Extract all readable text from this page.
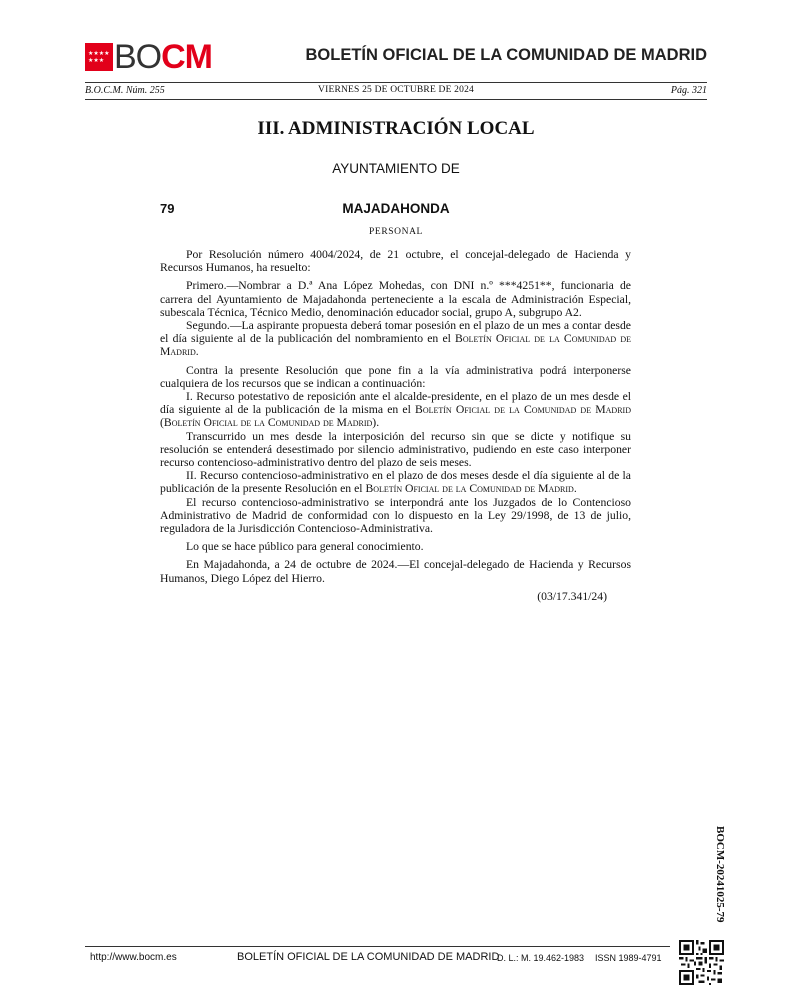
★★★★
★★★ BOCM	BOLETÍN OFICIAL DE LA COMUNIDAD DE MADRID
B.O.C.M. Núm. 255	VIERNES 25 DE OCTUBRE DE 2024	Pág. 321
III. ADMINISTRACIÓN LOCAL
AYUNTAMIENTO DE
79	MAJADAHONDA
PERSONAL

Por Resolución número 4004/2024, de 21 octubre, el concejal-delegado de Hacienda y Recursos Humanos, ha resuelto:

Primero.—Nombrar a D.ª Ana López Mohedas, con DNI n.º ***4251**, funcionaria de carrera del Ayuntamiento de Majadahonda perteneciente a la escala de Administración Especial, subescala Técnica, Técnico Medio, denominación educador social, grupo A, subgrupo A2.

Segundo.—La aspirante propuesta deberá tomar posesión en el plazo de un mes a contar desde el día siguiente al de la publicación del nombramiento en el Boletín Oficial de la Comunidad de Madrid.

Contra la presente Resolución que pone fin a la vía administrativa podrá interponerse cualquiera de los recursos que se indican a continuación:

I. Recurso potestativo de reposición ante el alcalde-presidente, en el plazo de un mes desde el día siguiente al de la publicación de la misma en el Boletín Oficial de la Comunidad de Madrid (Boletín Oficial de la Comunidad de Madrid).

Transcurrido un mes desde la interposición del recurso sin que se dicte y notifique su resolución se entenderá desestimado por silencio administrativo, pudiendo en este caso interponer recurso contencioso-administrativo dentro del plazo de seis meses.

II. Recurso contencioso-administrativo en el plazo de dos meses desde el día siguiente al de la publicación de la presente Resolución en el Boletín Oficial de la Comunidad de Madrid.

El recurso contencioso-administrativo se interpondrá ante los Juzgados de lo Contencioso Administrativo de Madrid de conformidad con lo dispuesto en la Ley 29/1998, de 13 de julio, reguladora de la Jurisdicción Contencioso-Administrativa.

Lo que se hace público para general conocimiento.

En Majadahonda, a 24 de octubre de 2024.—El concejal-delegado de Hacienda y Recursos Humanos, Diego López del Hierro.

(03/17.341/24)

BOCM-20241025-79
http://www.bocm.es	BOLETÍN OFICIAL DE LA COMUNIDAD DE MADRID
D. L.: M. 19.462-1983 ISSN 1989-4791
